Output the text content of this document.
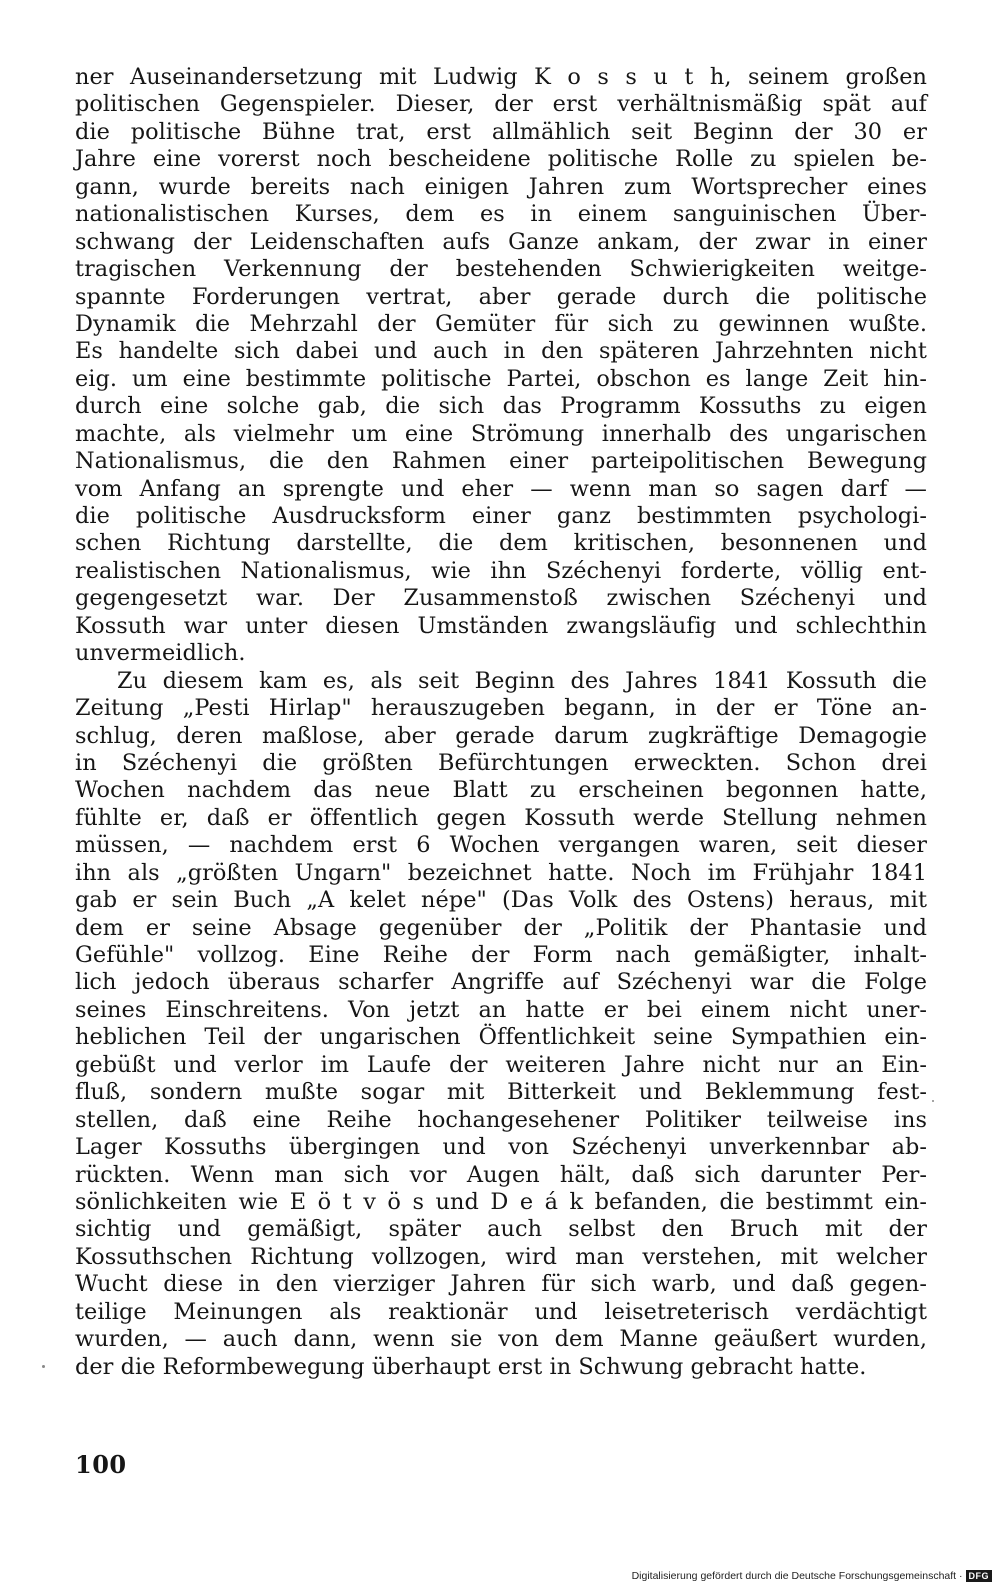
ner Auseinandersetzung mit Ludwig K o s s u t h, seinem großen
politischen Gegenspieler. Dieser, der erst verhältnismäßig spät auf
die politische Bühne trat, erst allmählich seit Beginn der 30 er
Jahre eine vorerst noch bescheidene politische Rolle zu spielen be-
gann, wurde bereits nach einigen Jahren zum Wortsprecher eines
nationalistischen Kurses, dem es in einem sanguinischen Über-
schwang der Leidenschaften aufs Ganze ankam, der zwar in einer
tragischen Verkennung der bestehenden Schwierigkeiten weitge-
spannte Forderungen vertrat, aber gerade durch die politische
Dynamik die Mehrzahl der Gemüter für sich zu gewinnen wußte.
Es handelte sich dabei und auch in den späteren Jahrzehnten nicht
eig. um eine bestimmte politische Partei, obschon es lange Zeit hin-
durch eine solche gab, die sich das Programm Kossuths zu eigen
machte, als vielmehr um eine Strömung innerhalb des ungarischen
Nationalismus, die den Rahmen einer parteipolitischen Bewegung
vom Anfang an sprengte und eher — wenn man so sagen darf —
die politische Ausdrucksform einer ganz bestimmten psychologi-
schen Richtung darstellte, die dem kritischen, besonnenen und
realistischen Nationalismus, wie ihn Széchenyi forderte, völlig ent-
gegengesetzt war. Der Zusammenstoß zwischen Széchenyi und
Kossuth war unter diesen Umständen zwangsläufig und schlechthin
unvermeidlich.
Zu diesem kam es, als seit Beginn des Jahres 1841 Kossuth die
Zeitung „Pesti Hirlap" herauszugeben begann, in der er Töne an-
schlug, deren maßlose, aber gerade darum zugkräftige Demagogie
in Széchenyi die größten Befürchtungen erweckten. Schon drei
Wochen nachdem das neue Blatt zu erscheinen begonnen hatte,
fühlte er, daß er öffentlich gegen Kossuth werde Stellung nehmen
müssen, — nachdem erst 6 Wochen vergangen waren, seit dieser
ihn als „größten Ungarn" bezeichnet hatte. Noch im Frühjahr 1841
gab er sein Buch „A kelet népe" (Das Volk des Ostens) heraus, mit
dem er seine Absage gegenüber der „Politik der Phantasie und
Gefühle" vollzog. Eine Reihe der Form nach gemäßigter, inhalt-
lich jedoch überaus scharfer Angriffe auf Széchenyi war die Folge
seines Einschreitens. Von jetzt an hatte er bei einem nicht uner-
heblichen Teil der ungarischen Öffentlichkeit seine Sympathien ein-
gebüßt und verlor im Laufe der weiteren Jahre nicht nur an Ein-
fluß, sondern mußte sogar mit Bitterkeit und Beklemmung fest-
stellen, daß eine Reihe hochangesehener Politiker teilweise ins
Lager Kossuths übergingen und von Széchenyi unverkennbar ab-
rückten. Wenn man sich vor Augen hält, daß sich darunter Per-
sönlichkeiten wie E ö t v ö s und D e á k befanden, die bestimmt ein-
sichtig und gemäßigt, später auch selbst den Bruch mit der
Kossuthschen Richtung vollzogen, wird man verstehen, mit welcher
Wucht diese in den vierziger Jahren für sich warb, und daß gegen-
teilige Meinungen als reaktionär und leisetreterisch verdächtigt
wurden, — auch dann, wenn sie von dem Manne geäußert wurden,
der die Reformbewegung überhaupt erst in Schwung gebracht hatte.
100
Digitalisierung gefördert durch die Deutsche Forschungsgemeinschaft · DFG
